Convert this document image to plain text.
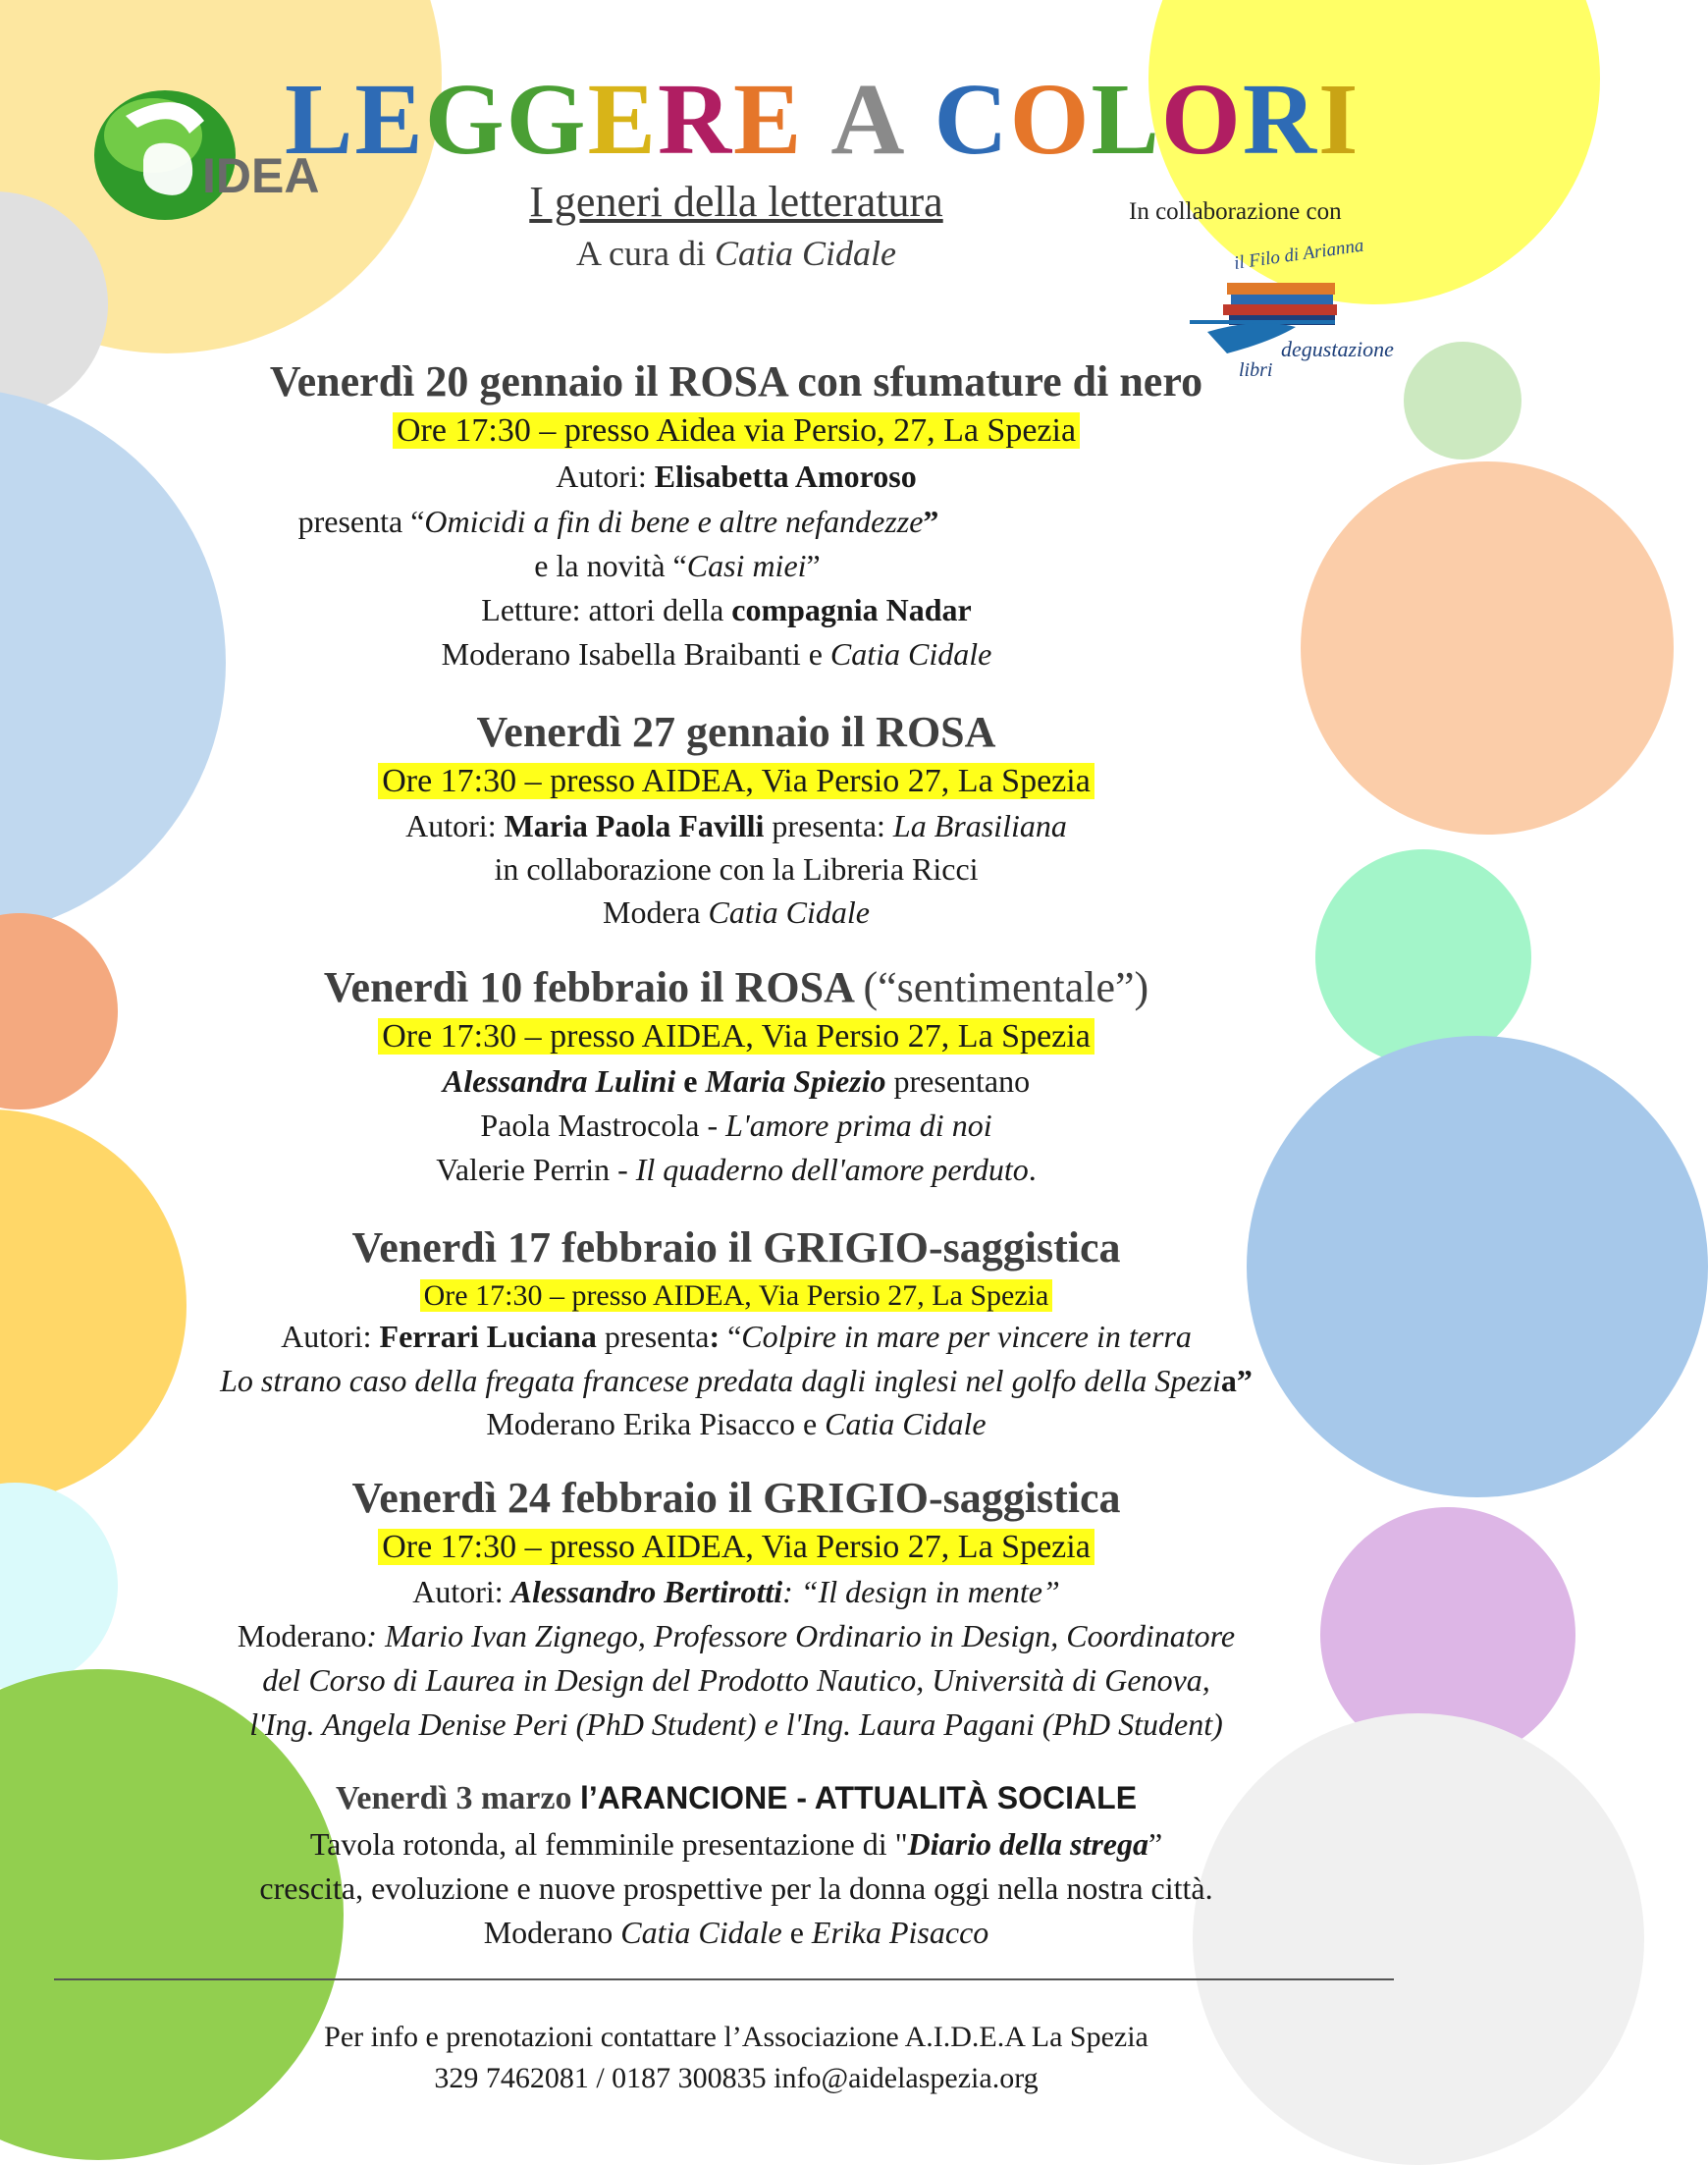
IDEA
LEGGERE A COLORI
I generi della letteratura
A cura di Catia Cidale
In collaborazione con
il Filo di Arianna
degustazione
libri
Venerdì 20 gennaio il ROSA con sfumature di nero
Ore 17:30 – presso Aidea via Persio, 27, La Spezia
Autori: Elisabetta Amoroso
presenta “Omicidi a fin di bene e altre nefandezze”
e la novità “Casi miei”
Letture: attori della compagnia Nadar
Moderano Isabella Braibanti e Catia Cidale
Venerdì 27 gennaio il ROSA
Ore 17:30 – presso AIDEA, Via Persio 27, La Spezia
Autori: Maria Paola Favilli presenta: La Brasiliana
in collaborazione con la Libreria Ricci
Modera Catia Cidale
Venerdì 10 febbraio il ROSA (“sentimentale”)
Ore 17:30 – presso AIDEA, Via Persio 27, La Spezia
Alessandra Lulini e Maria Spiezio presentano
Paola Mastrocola - L'amore prima di noi
Valerie Perrin - Il quaderno dell'amore perduto.
Venerdì 17 febbraio il GRIGIO-saggistica
Ore 17:30 – presso AIDEA, Via Persio 27, La Spezia
Autori: Ferrari Luciana presenta: “Colpire in mare per vincere in terra
Lo strano caso della fregata francese predata dagli inglesi nel golfo della Spezia”
Moderano Erika Pisacco e Catia Cidale
Venerdì 24 febbraio il GRIGIO-saggistica
Ore 17:30 – presso AIDEA, Via Persio 27, La Spezia
Autori: Alessandro Bertirotti: “Il design in mente”
Moderano: Mario Ivan Zignego, Professore Ordinario in Design, Coordinatore
del Corso di Laurea in Design del Prodotto Nautico, Università di Genova,
l'Ing. Angela Denise Peri (PhD Student) e l'Ing. Laura Pagani (PhD Student)
Venerdì 3 marzo l’ARANCIONE - ATTUALITÀ SOCIALE
Tavola rotonda, al femminile presentazione di "Diario della strega”
crescita, evoluzione e nuove prospettive per la donna oggi nella nostra città.
Moderano Catia Cidale e Erika Pisacco
Per info e prenotazioni contattare l’Associazione A.I.D.E.A La Spezia
329 7462081 / 0187 300835 info@aidelaspezia.org
